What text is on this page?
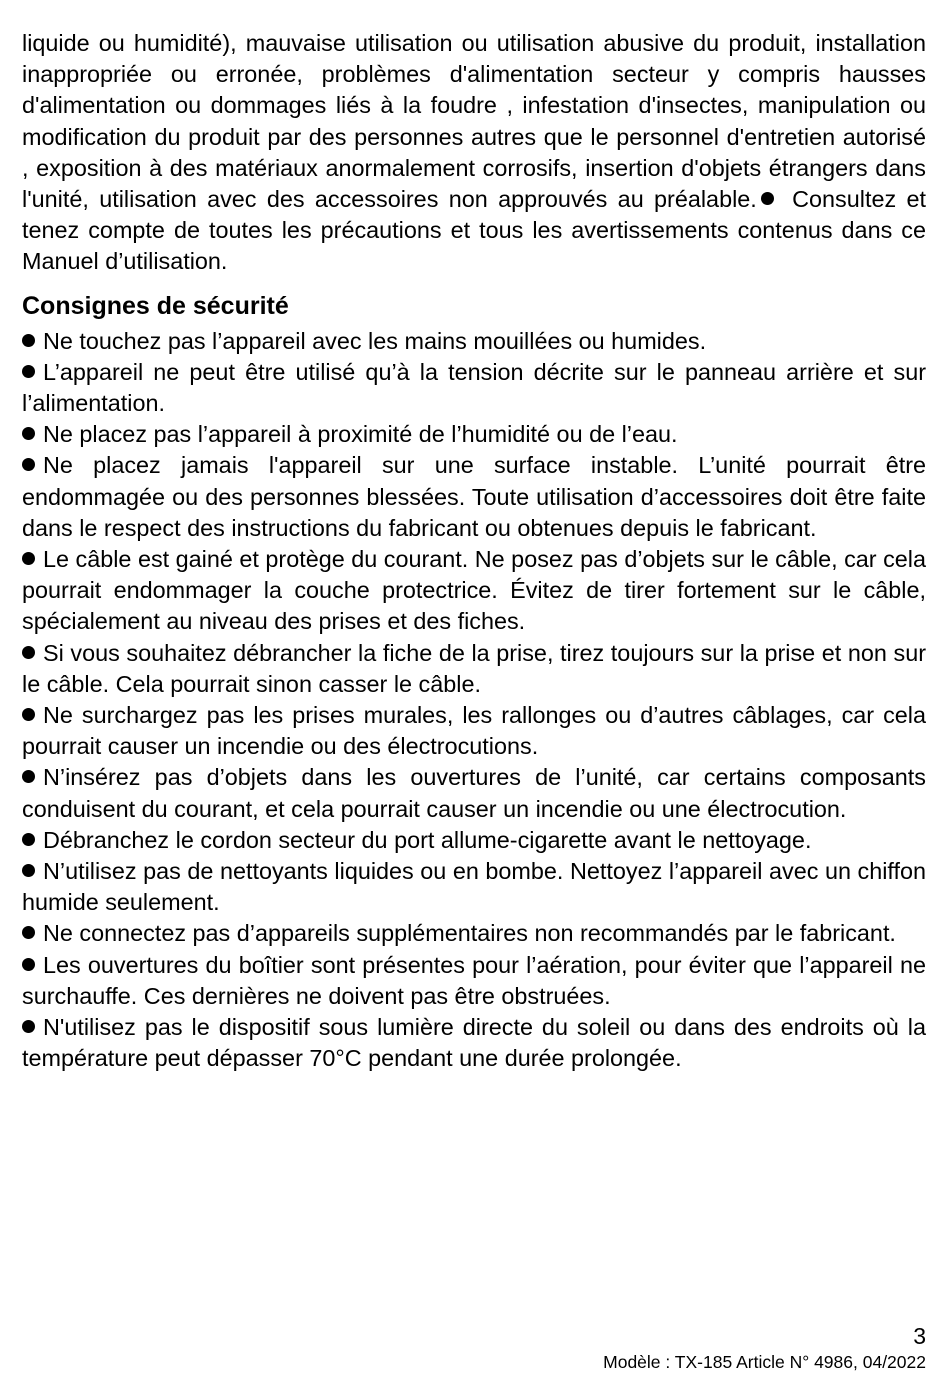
liquide ou humidité), mauvaise utilisation ou utilisation abusive du produit, installation inappropriée ou erronée, problèmes d'alimentation secteur y compris hausses d'alimentation ou dommages liés à la foudre , infestation d'insectes, manipulation ou modification du produit par des personnes autres que le personnel d'entretien autorisé , exposition à des matériaux anormalement corrosifs, insertion d'objets étrangers dans l'unité, utilisation avec des accessoires non approuvés au préalable. Consultez et tenez compte de toutes les précautions et tous les avertissements contenus dans ce Manuel d’utilisation.

Consignes de sécurité

Ne touchez pas l’appareil avec les mains mouillées ou humides.

L’appareil ne peut être utilisé qu’à la tension décrite sur le panneau arrière et sur l’alimentation.

Ne placez pas l’appareil à proximité de l’humidité ou de l’eau.

Ne placez jamais l'appareil sur une surface instable. L’unité pourrait être endommagée ou des personnes blessées. Toute utilisation d’accessoires doit être faite dans le respect des instructions du fabricant ou obtenues depuis le fabricant.

Le câble est gainé et protège du courant. Ne posez pas d’objets sur le câble, car cela pourrait endommager la couche protectrice. Évitez de tirer fortement sur le câble, spécialement au niveau des prises et des fiches.

Si vous souhaitez débrancher la fiche de la prise, tirez toujours sur la prise et non sur le câble. Cela pourrait sinon casser le câble.

Ne surchargez pas les prises murales, les rallonges ou d’autres câblages, car cela pourrait causer un incendie ou des électrocutions.

N’insérez pas d’objets dans les ouvertures de l’unité, car certains composants conduisent du courant, et cela pourrait causer un incendie ou une électrocution.

Débranchez le cordon secteur du port allume-cigarette avant le nettoyage.

N’utilisez pas de nettoyants liquides ou en bombe. Nettoyez l’appareil avec un chiffon humide seulement.

Ne connectez pas d’appareils supplémentaires non recommandés par le fabricant.

Les ouvertures du boîtier sont présentes pour l’aération, pour éviter que l’appareil ne surchauffe. Ces dernières ne doivent pas être obstruées.

N'utilisez pas le dispositif sous lumière directe du soleil ou dans des endroits où la température peut dépasser 70°C pendant une durée prolongée.

3
Modèle : TX-185 Article N° 4986, 04/2022
